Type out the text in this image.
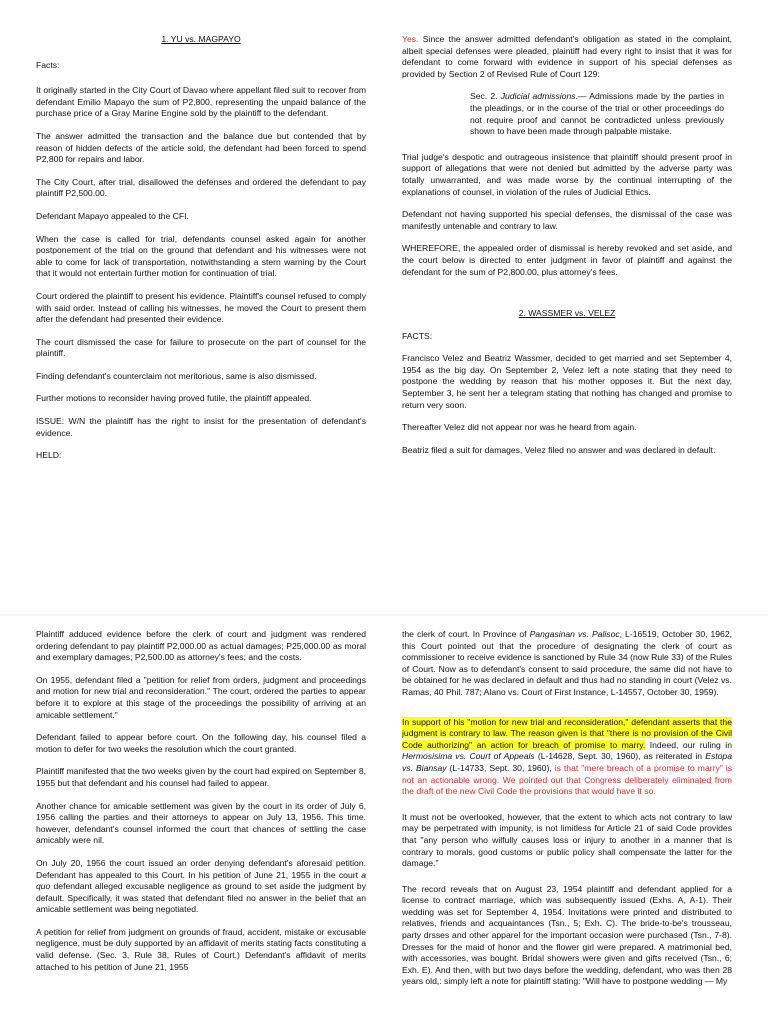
1. YU vs. MAGPAYO

Facts:

It originally started in the City Court of Davao where appellant filed suit to recover from defendant Emilio Mapayo the sum of P2,800, representing the unpaid balance of the purchase price of a Gray Marine Engine sold by the plaintiff to the defendant.

The answer admitted the transaction and the balance due but contended that by reason of hidden defects of the article sold, the defendant had been forced to spend P2,800 for repairs and labor.

The City Court, after trial, disallowed the defenses and ordered the defendant to pay plaintiff P2,500.00.

Defendant Mapayo appealed to the CFI.

When the case is called for trial, defendants counsel asked again for another postponement of the trial on the ground that defendant and his witnesses were not able to come for lack of transportation, notwithstanding a stern warning by the Court that it would not entertain further motion for continuation of trial.

Court ordered the plaintiff to present his evidence. Plaintiff's counsel refused to comply with said order. Instead of calling his witnesses, he moved the Court to present them after the defendant had presented their evidence.

The court dismissed the case for failure to prosecute on the part of counsel for the plaintiff.

Finding defendant's counterclaim not meritorious, same is also dismissed.

Further motions to reconsider having proved futile, the plaintiff appealed.

ISSUE: W/N the plaintiff has the right to insist for the presentation of defendant's evidence.

HELD:

Yes. Since the answer admitted defendant's obligation as stated in the complaint, albeit special defenses were pleaded, plaintiff had every right to insist that it was for defendant to come forward with evidence in support of his special defenses as provided by Section 2 of Revised Rule of Court 129:

Sec. 2. Judicial admissions.— Admissions made by the parties in the pleadings, or in the course of the trial or other proceedings do not require proof and cannot be contradicted unless previously shown to have been made through palpable mistake.

Trial judge's despotic and outrageous insistence that plaintiff should present proof in support of allegations that were not denied but admitted by the adverse party was totally unwarranted, and was made worse by the continual interrupting of the explanations of counsel, in violation of the rules of Judicial Ethics.

Defendant not having supported his special defenses, the dismissal of the case was manifestly untenable and contrary to law.

WHEREFORE, the appealed order of dismissal is hereby revoked and set aside, and the court below is directed to enter judgment in favor of plaintiff and against the defendant for the sum of P2,800.00, plus attorney's fees.

2. WASSMER vs. VELEZ

FACTS:

Francisco Velez and Beatriz Wassmer, decided to get married and set September 4, 1954 as the big day. On September 2, Velez left a note stating that they need to postpone the wedding by reason that his mother opposes it. But the next day, September 3, he sent her a telegram stating that nothing has changed and promise to return very soon.

Thereafter Velez did not appear nor was he heard from again.

Beatriz filed a suit for damages, Velez filed no answer and was declared in default.

Plaintiff adduced evidence before the clerk of court and judgment was rendered ordering defendant to pay plaintiff P2,000.00 as actual damages; P25,000.00 as moral and exemplary damages; P2,500.00 as attorney's fees; and the costs.

On 1955, defendant filed a "petition for relief from orders, judgment and proceedings and motion for new trial and reconsideration." The court, ordered the parties to appear before it to explore at this stage of the proceedings the possibility of arriving at an amicable settlement."

Defendant failed to appear before court. On the following day, his counsel filed a motion to defer for two weeks the resolution which the court granted.

Plaintiff manifested that the two weeks given by the court had expired on September 8, 1955 but that defendant and his counsel had failed to appear.

Another chance for amicable settlement was given by the court in its order of July 6, 1956 calling the parties and their attorneys to appear on July 13, 1956. This time. however, defendant's counsel informed the court that chances of settling the case amicably were nil.

On July 20, 1956 the court issued an order denying defendant's aforesaid petition. Defendant has appealed to this Court. In his petition of June 21, 1955 in the court a quo defendant alleged excusable negligence as ground to set aside the judgment by default. Specifically, it was stated that defendant filed no answer in the belief that an amicable settlement was being negotiated.

A petition for relief from judgment on grounds of fraud, accident, mistake or excusable negligence, must be duly supported by an affidavit of merits stating facts constituting a valid defense. (Sec. 3, Rule 38, Rules of Court.) Defendant's affidavit of merits attached to his petition of June 21, 1955

the clerk of court. In Province of Pangasinan vs. Palisoc, L-16519, October 30, 1962, this Court pointed out that the procedure of designating the clerk of court as commissioner to receive evidence is sanctioned by Rule 34 (now Rule 33) of the Rules of Court. Now as to defendant's consent to said procedure, the same did not have to be obtained for he was declared in default and thus had no standing in court (Velez vs. Ramas, 40 Phil. 787; Alano vs. Court of First Instance, L-14557, October 30, 1959).

In support of his "motion for new trial and reconsideration," defendant asserts that the judgment is contrary to law. The reason given is that "there is no provision of the Civil Code authorizing" an action for breach of promise to marry. Indeed, our ruling in Hermosisima vs. Court of Appeals (L-14628, Sept. 30, 1960), as reiterated in Estopa vs. Biansay (L-14733, Sept. 30, 1960), is that "mere breach of a promise to marry" is not an actionable wrong. We pointed out that Congress deliberately eliminated from the draft of the new Civil Code the provisions that would have it so.

It must not be overlooked, however, that the extent to which acts not contrary to law may be perpetrated with impunity, is not limitless for Article 21 of said Code provides that "any person who wilfully causes loss or injury to another in a manner that is contrary to morals, good customs or public policy shall compensate the latter for the damage."

The record reveals that on August 23, 1954 plaintiff and defendant applied for a license to contract marriage, which was subsequently issued (Exhs. A, A-1). Their wedding was set for September 4, 1954. Invitations were printed and distributed to relatives, friends and acquaintances (Tsn., 5; Exh. C). The bride-to-be's trousseau, party drsses and other apparel for the important occasion were purchased (Tsn., 7-8). Dresses for the maid of honor and the flower girl were prepared. A matrimonial bed, with accessories, was bought. Bridal showers were given and gifts received (Tsn., 6; Exh. E). And then, with but two days before the wedding, defendant, who was then 28 years old,: simply left a note for plaintiff stating: "Will have to postpone wedding — My
